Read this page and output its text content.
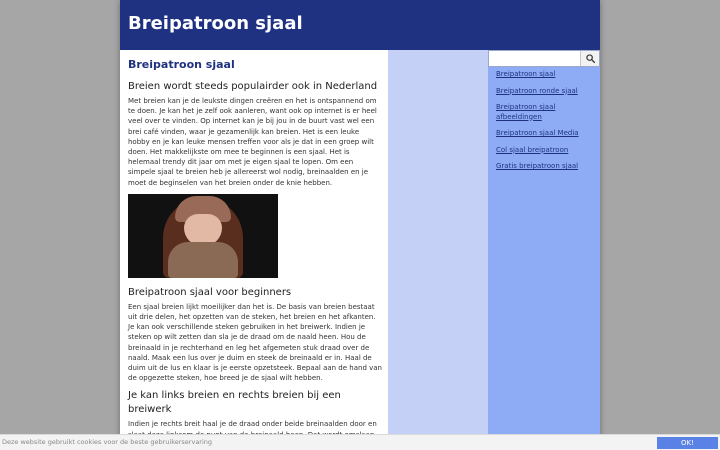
Breipatroon sjaal
Breipatroon sjaal
Breien wordt steeds populairder ook in Nederland

Met breien kan je de leukste dingen creëren en het is ontspannend om te doen. Je kan het je zelf ook aanleren, want ook op internet is er heel veel over te vinden. Op internet kan je bij jou in de buurt vast wel een brei café vinden, waar je gezamenlijk kan breien. Het is een leuke hobby en je kan leuke mensen treffen voor als je dat in een groep wilt doen. Het makkelijkste om mee te beginnen is een sjaal. Het is helemaal trendy dit jaar om met je eigen sjaal te lopen. Om een simpele sjaal te breien heb je allereerst wol nodig, breinaalden en je moet de beginselen van het breien onder de knie hebben.

Breipatroon sjaal voor beginners

Een sjaal breien lijkt moeilijker dan het is. De basis van breien bestaat uit drie delen, het opzetten van de steken, het breien en het afkanten. Je kan ook verschillende steken gebruiken in het breiwerk. Indien je steken op wilt zetten dan sla je de draad om de naald heen. Hou de breinaald in je rechterhand en leg het afgemeten stuk draad over de naald. Maak een lus over je duim en steek de breinaald er in. Haal de duim uit de lus en klaar is je eerste opzetsteek. Bepaal aan de hand van de opgezette steken, hoe breed je de sjaal wilt hebben.

Je kan links breien en rechts breien bij een breiwerk

Indien je rechts breit haal je de draad onder beide breinaalden door en

Breipatroon sjaal
Breipatroon ronde sjaal
Breipatroon sjaal afbeeldingen
Breipatroon sjaal Media
Col sjaal breipatroon
Gratis breipatroon sjaal
Deze website gebruikt cookies voor de beste gebruikerservaring	OK!
